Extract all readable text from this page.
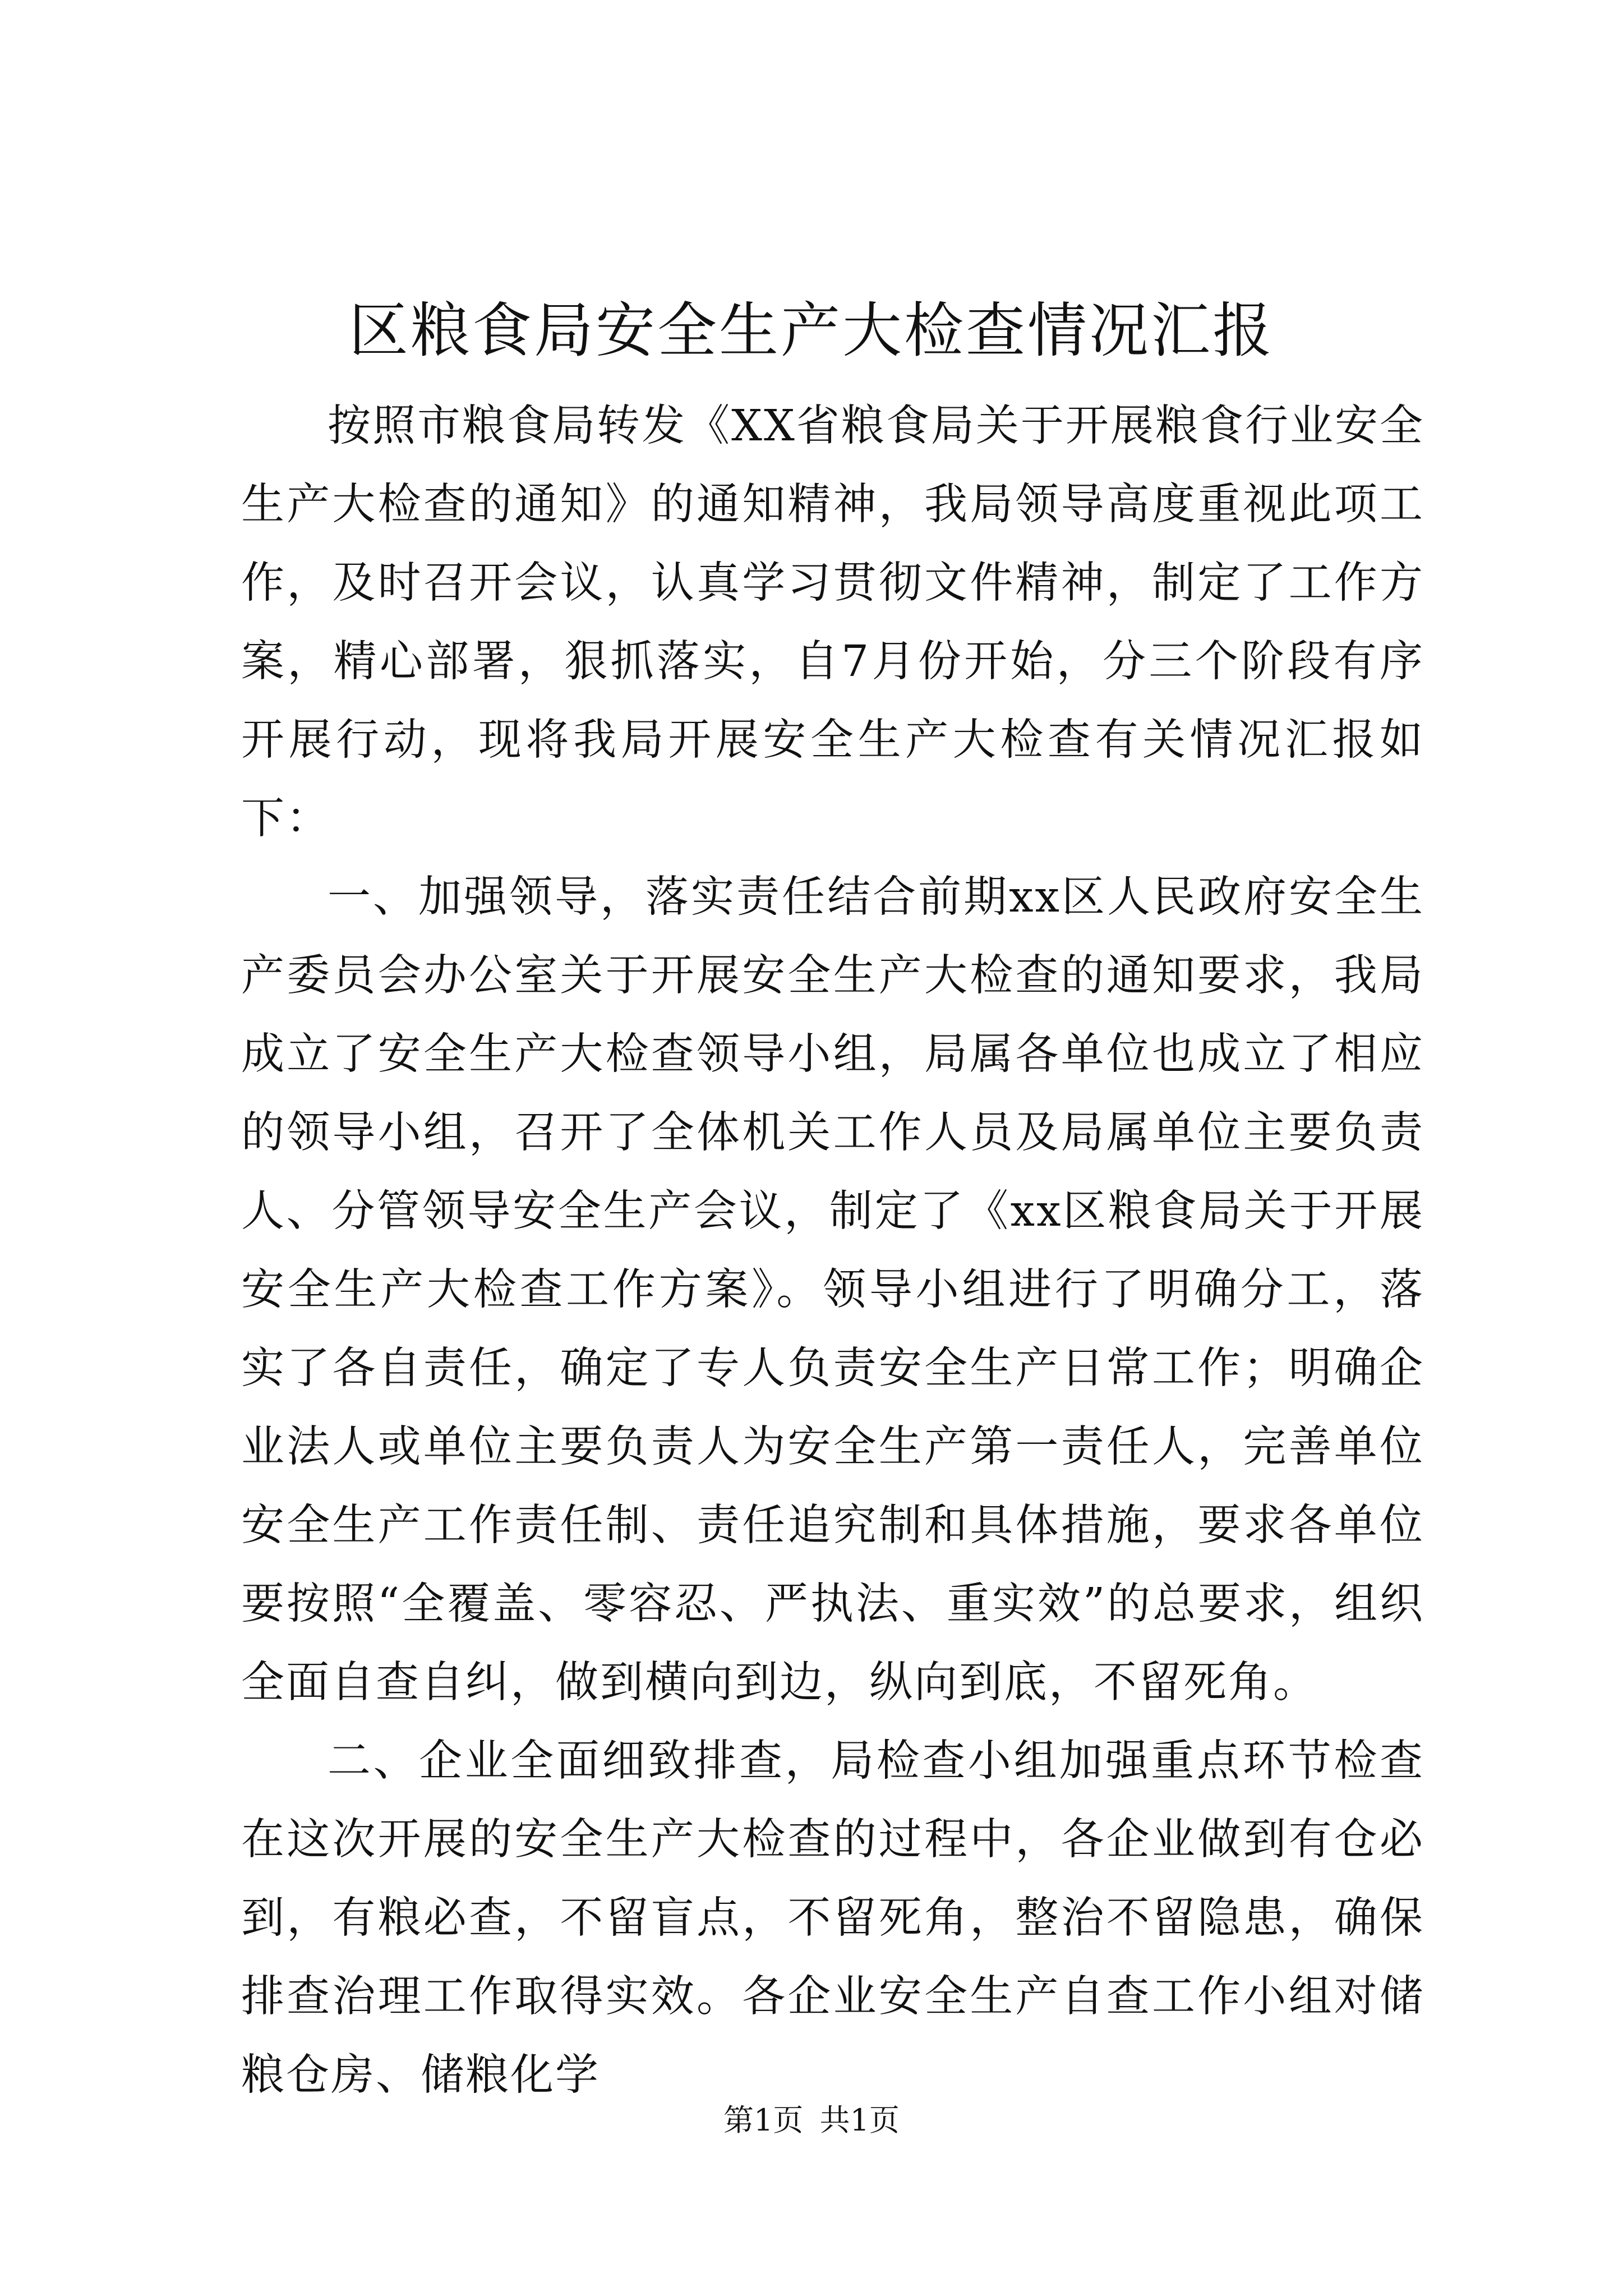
区粮食局安全生产大检查情况汇报

按照市粮食局转发《XX省粮食局关于开展粮食行业安全生产大检查的通知》的通知精神，我局领导高度重视此项工作，及时召开会议，认真学习贯彻文件精神，制定了工作方案，精心部署，狠抓落实，自7月份开始，分三个阶段有序开展行动，现将我局开展安全生产大检查有关情况汇报如下：

一、加强领导，落实责任结合前期xx区人民政府安全生产委员会办公室关于开展安全生产大检查的通知要求，我局成立了安全生产大检查领导小组，局属各单位也成立了相应的领导小组，召开了全体机关工作人员及局属单位主要负责人、分管领导安全生产会议，制定了《xx区粮食局关于开展安全生产大检查工作方案》。领导小组进行了明确分工，落实了各自责任，确定了专人负责安全生产日常工作；明确企业法人或单位主要负责人为安全生产第一责任人，完善单位安全生产工作责任制、责任追究制和具体措施，要求各单位要按照“全覆盖、零容忍、严执法、重实效”的总要求，组织全面自查自纠，做到横向到边，纵向到底，不留死角。

二、企业全面细致排查，局检查小组加强重点环节检查在这次开展的安全生产大检查的过程中，各企业做到有仓必到，有粮必查，不留盲点，不留死角，整治不留隐患，确保排查治理工作取得实效。各企业安全生产自查工作小组对储粮仓房、储粮化学

第1页 共1页
